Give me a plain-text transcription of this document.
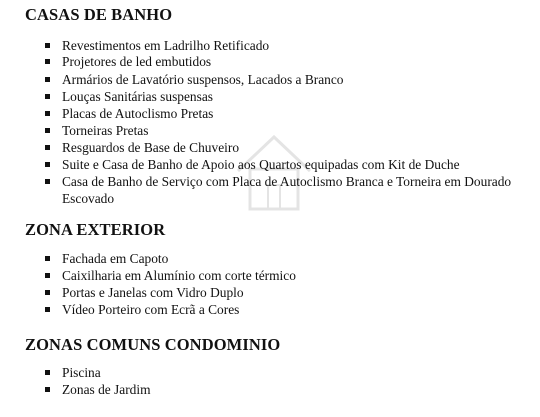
CASAS DE BANHO
Revestimentos em Ladrilho Retificado
Projetores de led embutidos
Armários de Lavatório suspensos, Lacados a Branco
Louças Sanitárias suspensas
Placas de Autoclismo Pretas
Torneiras Pretas
Resguardos de Base de Chuveiro
Suite e Casa de Banho de Apoio aos Quartos equipadas com Kit de Duche
Casa de Banho de Serviço com Placa de Autoclismo Branca e Torneira em Dourado Escovado
ZONA EXTERIOR
Fachada em Capoto
Caixilharia em Alumínio com corte térmico
Portas e Janelas com Vidro Duplo
Vídeo Porteiro com Ecrã a Cores
ZONAS COMUNS CONDOMINIO
Piscina
Zonas de Jardim
